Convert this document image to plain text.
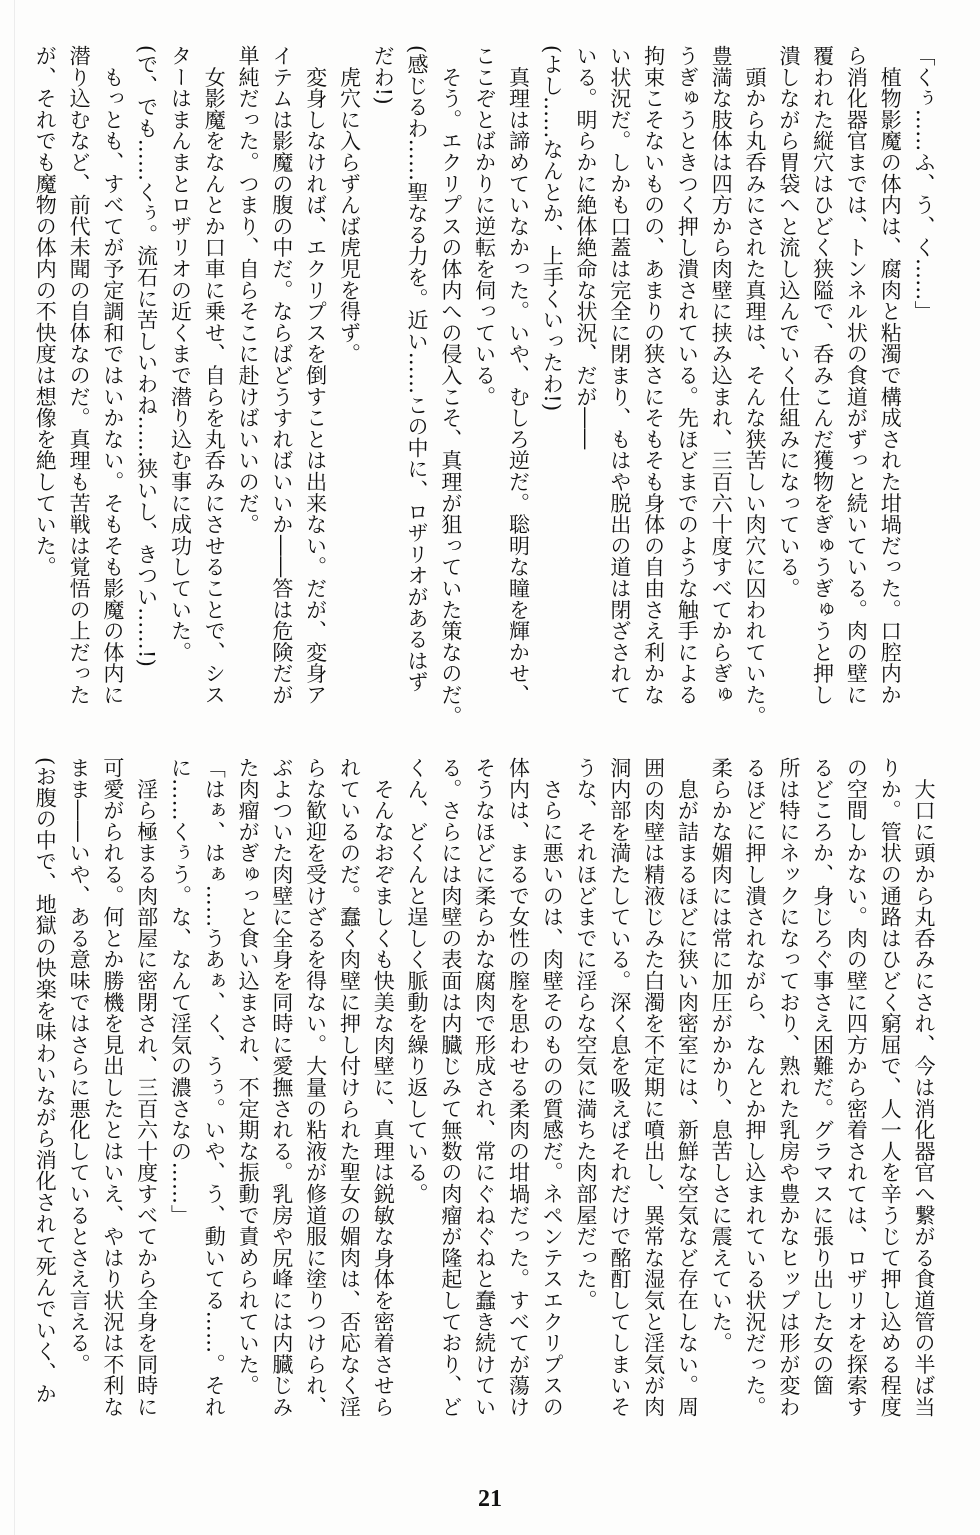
「くぅ……ふ、う、く……」
　植物影魔の体内は、腐肉と粘濁で構成された坩堝だった。口腔内か
ら消化器官までは、トンネル状の食道がずっと続いている。肉の壁に
覆われた縦穴はひどく狭隘で、呑みこんだ獲物をぎゅうぎゅうと押し
潰しながら胃袋へと流し込んでいく仕組みになっている。
　頭から丸呑みにされた真理は、そんな狭苦しい肉穴に囚われていた。
豊満な肢体は四方から肉壁に挟み込まれ、三百六十度すべてからぎゅ
うぎゅうときつく押し潰されている。先ほどまでのような触手による
拘束こそないものの、あまりの狭さにそもそも身体の自由さえ利かな
い状況だ。しかも口蓋は完全に閉まり、もはや脱出の道は閉ざされて
いる。明らかに絶体絶命な状況、だが――
(よし……なんとか、上手くいったわ!)
　真理は諦めていなかった。いや、むしろ逆だ。聡明な瞳を輝かせ、
ここぞとばかりに逆転を伺っている。
　そう。エクリプスの体内への侵入こそ、真理が狙っていた策なのだ。
(感じるわ……聖なる力を。近い……この中に、ロザリオがあるはず
だわ!)
　虎穴に入らずんば虎児を得ず。
　変身しなければ、エクリプスを倒すことは出来ない。だが、変身ア
イテムは影魔の腹の中だ。ならばどうすればいいか――答は危険だが
単純だった。つまり、自らそこに赴けばいいのだ。
　女影魔をなんとか口車に乗せ、自らを丸呑みにさせることで、シス
ターはまんまとロザリオの近くまで潜り込む事に成功していた。
(で、でも……くぅ。流石に苦しいわね……狭いし、きつい……!)
　もっとも、すべてが予定調和ではいかない。そもそも影魔の体内に
潜り込むなど、前代未聞の自体なのだ。真理も苦戦は覚悟の上だった
が、それでも魔物の体内の不快度は想像を絶していた。
　大口に頭から丸呑みにされ、今は消化器官へ繋がる食道管の半ば当
りか。管状の通路はひどく窮屈で、人一人を辛うじて押し込める程度
の空間しかない。肉の壁に四方から密着されては、ロザリオを探索す
るどころか、身じろぐ事さえ困難だ。グラマスに張り出した女の箇
所は特にネックになっており、熟れた乳房や豊かなヒップは形が変わ
るほどに押し潰されながら、なんとか押し込まれている状況だった。
柔らかな媚肉には常に加圧がかかり、息苦しさに震えていた。
　息が詰まるほどに狭い肉密室には、新鮮な空気など存在しない。周
囲の肉壁は精液じみた白濁を不定期に噴出し、異常な湿気と淫気が肉
洞内部を満たしている。深く息を吸えばそれだけで酩酊してしまいそ
うな、それほどまでに淫らな空気に満ちた肉部屋だった。
　さらに悪いのは、肉壁そのものの質感だ。ネペンテスエクリプスの
体内は、まるで女性の膣を思わせる柔肉の坩堝だった。すべてが蕩け
そうなほどに柔らかな腐肉で形成され、常にぐねぐねと蠢き続けてい
る。さらには肉壁の表面は内臓じみて無数の肉瘤が隆起しており、ど
くん、どくんと逞しく脈動を繰り返している。
　そんなおぞましくも快美な肉壁に、真理は鋭敏な身体を密着させら
れているのだ。蠢く肉壁に押し付けられた聖女の媚肉は、否応なく淫
らな歓迎を受けざるを得ない。大量の粘液が修道服に塗りつけられ、
ぶよついた肉壁に全身を同時に愛撫される。乳房や尻峰には内臓じみ
た肉瘤がぎゅっと食い込まされ、不定期な振動で責められていた。
「はぁ、はぁ……うあぁ、く、うぅ。いや、う、動いてる……。それ
に……くぅう。な、なんて淫気の濃さなの……」
　淫ら極まる肉部屋に密閉され、三百六十度すべてから全身を同時に
可愛がられる。何とか勝機を見出したとはいえ、やはり状況は不利な
まま――いや、ある意味ではさらに悪化しているとさえ言える。
(お腹の中で、地獄の快楽を味わいながら消化されて死んでいく、か
21
